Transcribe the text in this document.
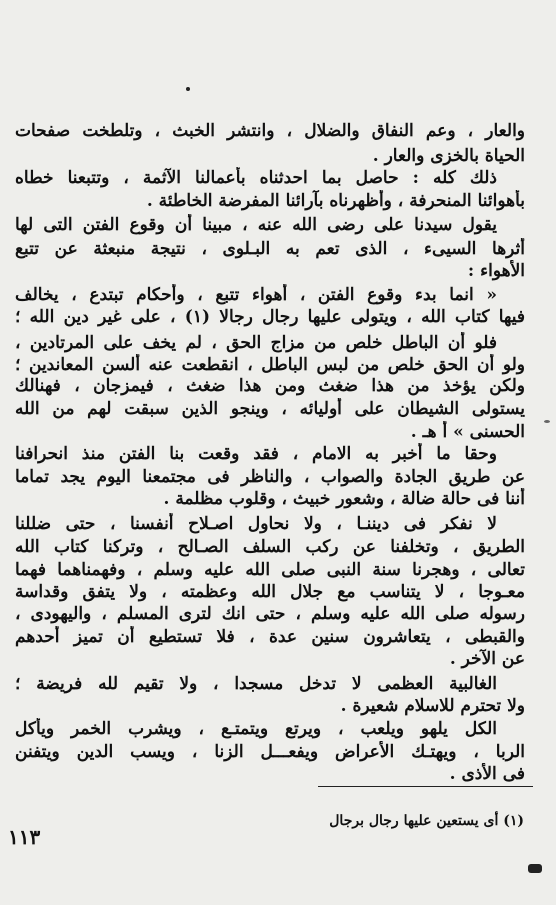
والعار ، وعم النفاق والضلال ، وانتشر الخبث ، وتلطخت صفحات
الحياة بالخزى والعار .
ذلك كله : حاصل بما احدثناه بأعمالنا الآثمة ، وتتبعنا خطاه
بأهوائنا المنحرفة ، وأظهرناه بآرائنا المفرضة الخاطئة .
يقول سيدنا على رضى الله عنه ، مبينا أن وقوع الفتن التى لها
أثرها السيىء ، الذى تعم به البـلوى ، نتيجة منبعثة عن تتبع
الأهواء :
« انما بدء وقوع الفتن ، أهواء تتبع ، وأحكام تبتدع ، يخالف
فيها كتاب الله ، ويتولى عليها رجال رجالا (١) ، على غير دين الله ؛
فلو أن الباطل خلص من مزاج الحق ، لم يخف على المرتادين ،
ولو أن الحق خلص من لبس الباطل ، انقطعت عنه ألسن المعاندين ؛
ولكن يؤخذ من هذا ضغث ومن هذا ضغث ، فيمزجان ، فهنالك
يستولى الشيطان على أوليائه ، وينجو الذين سبقت لهم من الله
الحسنى » أ هـ .
وحقا ما أخبر به الامام ، فقد وقعت بنا الفتن منذ انحرافنا
عن طريق الجادة والصواب ، والناظر فى مجتمعنا اليوم يجد تماما
أننا فى حالة ضالة ، وشعور خبيث ، وقلوب مظلمة .
لا نفكر فى ديننـا ، ولا نحاول اصـلاح أنفسنا ، حتى ضللنا
الطريق ، وتخلفنا عن ركب السلف الصـالح ، وتركنا كتاب الله
تعالى ، وهجرنا سنة النبى صلى الله عليه وسلم ، وفهمناهما فهما
معـوجا ، لا يتناسب مع جلال الله وعظمته ، ولا يتفق وقداسة
رسوله صلى الله عليه وسلم ، حتى انك لترى المسلم ، واليهودى ،
والقبطى ، يتعاشرون سنين عدة ، فلا تستطيع أن تميز أحدهم
عن الآخر .
الغالبية العظمى لا تدخل مسجدا ، ولا تقيم لله فريضة ؛
ولا تحترم للاسلام شعيرة .
الكل يلهو ويلعب ، ويرتع ويتمتـع ، ويشرب الخمر ويأكل
الربا ، ويهتـك الأعراض ويفعـــل الزنا ، ويسب الدين ويتفنن
فى الأذى .
(١) أى يستعين عليها رجال برجال
١١٣
